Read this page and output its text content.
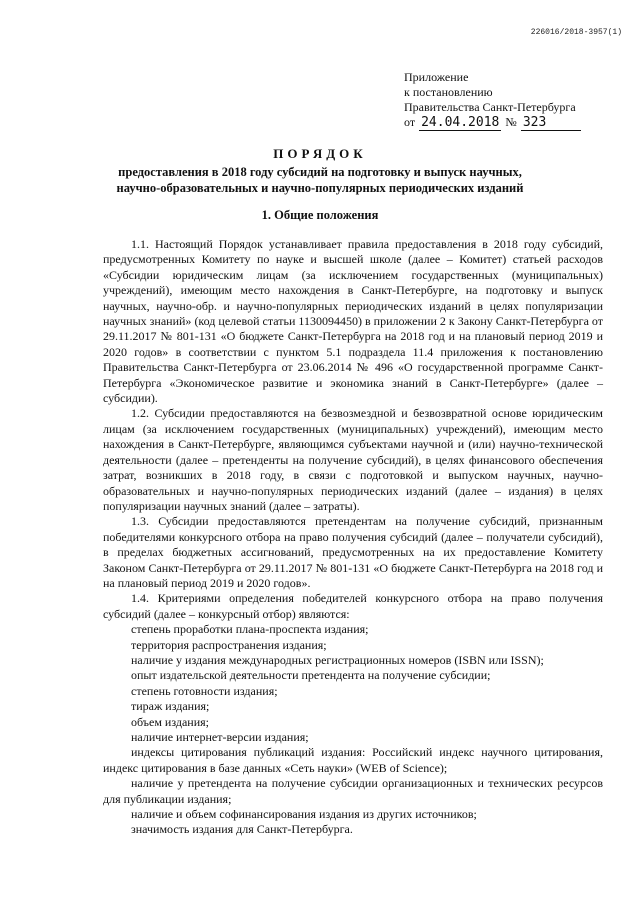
226016/2018-3957(1)
Приложение
к постановлению
Правительства Санкт-Петербурга
от 24.04.2018 № 323
ПОРЯДОК
предоставления в 2018 году субсидий на подготовку и выпуск научных, научно-образовательных и научно-популярных периодических изданий
1. Общие положения

1.1. Настоящий Порядок устанавливает правила предоставления в 2018 году субсидий, предусмотренных Комитету по науке и высшей школе (далее – Комитет) статьей расходов «Субсидии юридическим лицам (за исключением государственных (муниципальных) учреждений), имеющим место нахождения в Санкт-Петербурге, на подготовку и выпуск научных, научно-обр. и научно-популярных периодических изданий в целях популяризации научных знаний» (код целевой статьи 1130094450) в приложении 2 к Закону Санкт-Петербурга от 29.11.2017 № 801-131 «О бюджете Санкт-Петербурга на 2018 год и на плановый период 2019 и 2020 годов» в соответствии с пунктом 5.1 подраздела 11.4 приложения к постановлению Правительства Санкт-Петербурга от 23.06.2014 № 496 «О государственной программе Санкт-Петербурга «Экономическое развитие и экономика знаний в Санкт-Петербурге» (далее – субсидии).

1.2. Субсидии предоставляются на безвозмездной и безвозвратной основе юридическим лицам (за исключением государственных (муниципальных) учреждений), имеющим место нахождения в Санкт-Петербурге, являющимся субъектами научной и (или) научно-технической деятельности (далее – претенденты на получение субсидий), в целях финансового обеспечения затрат, возникших в 2018 году, в связи с подготовкой и выпуском научных, научно-образовательных и научно-популярных периодических изданий (далее – издания) в целях популяризации научных знаний (далее – затраты).

1.3. Субсидии предоставляются претендентам на получение субсидий, признанным победителями конкурсного отбора на право получения субсидий (далее – получатели субсидий), в пределах бюджетных ассигнований, предусмотренных на их предоставление Комитету Законом Санкт-Петербурга от 29.11.2017 № 801-131 «О бюджете Санкт-Петербурга на 2018 год и на плановый период 2019 и 2020 годов».

1.4. Критериями определения победителей конкурсного отбора на право получения субсидий (далее – конкурсный отбор) являются:

степень проработки плана-проспекта издания;
территория распространения издания;
наличие у издания международных регистрационных номеров (ISBN или ISSN);
опыт издательской деятельности претендента на получение субсидии;
степень готовности издания;
тираж издания;
объем издания;
наличие интернет-версии издания;
индексы цитирования публикаций издания: Российский индекс научного цитирования, индекс цитирования в базе данных «Сеть науки» (WEB of Science);
наличие у претендента на получение субсидии организационных и технических ресурсов для публикации издания;
наличие и объем софинансирования издания из других источников;
значимость издания для Санкт-Петербурга.
